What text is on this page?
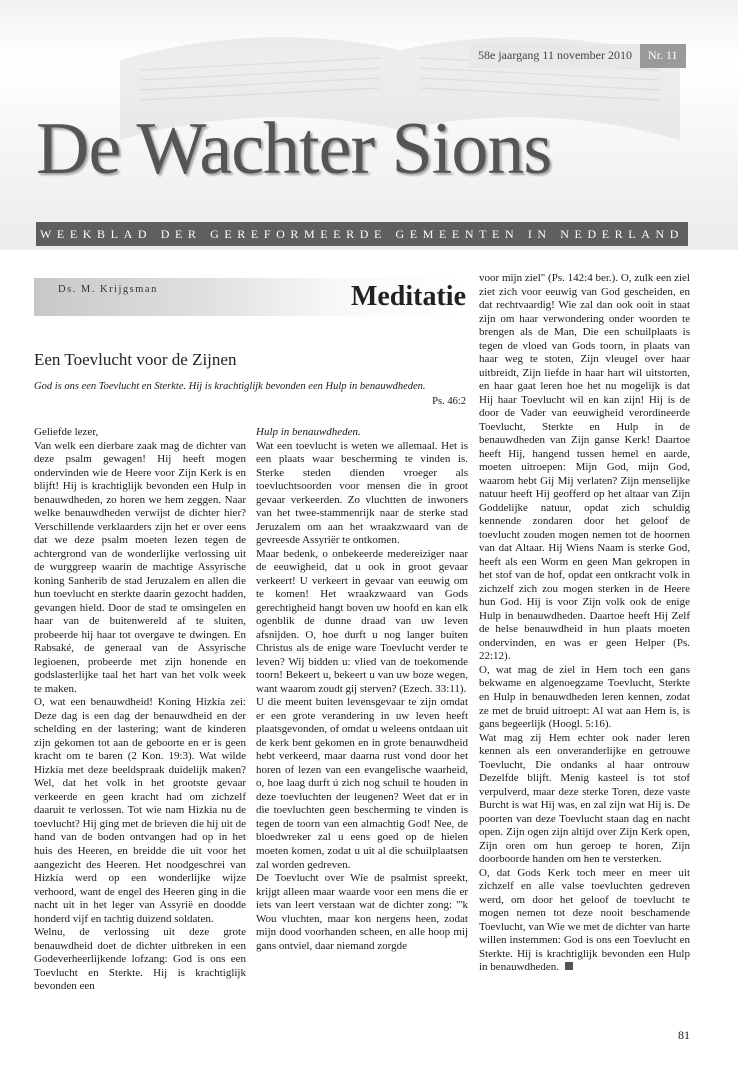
58e jaargang 11 november 2010	Nr. 11
De Wachter Sions
WEEKBLAD DER GEREFORMEERDE GEMEENTEN IN NEDERLAND
Ds. M. Krijgsman	Meditatie
Een Toevlucht voor de Zijnen
God is ons een Toevlucht en Sterkte. Hij is krachtiglijk bevonden een Hulp in benauwdheden.
Ps. 46:2

Geliefde lezer,

Van welk een dierbare zaak mag de dichter van deze psalm gewagen! Hij heeft mogen ondervinden wie de Heere voor Zijn Kerk is en blijft! Hij is krachtiglijk bevonden een Hulp in benauwdheden, zo horen we hem zeggen. Naar welke benauwdheden verwijst de dichter hier? Verschillende verklaarders zijn het er over eens dat we deze psalm moeten lezen tegen de achtergrond van de wonderlijke verlossing uit de wurggreep waarin de machtige Assyrische koning Sanherib de stad Jeruzalem en allen die hun toevlucht en sterkte daarin gezocht hadden, gevangen hield. Door de stad te omsingelen en haar van de buitenwereld af te sluiten, probeerde hij haar tot overgave te dwingen. En Rabsaké, de generaal van de Assyrische legioenen, probeerde met zijn honende en godslasterlijke taal het hart van het volk week te maken.

O, wat een benauwdheid! Koning Hizkía zei: Deze dag is een dag der benauwdheid en der schelding en der lastering; want de kinderen zijn gekomen tot aan de geboorte en er is geen kracht om te baren (2 Kon. 19:3). Wat wilde Hizkía met deze beeldspraak duidelijk maken? Wel, dat het volk in het grootste gevaar verkeerde en geen kracht had om zichzelf daaruit te verlossen. Tot wie nam Hizkia nu de toevlucht? Hij ging met de brieven die hij uit de hand van de boden ontvangen had op in het huis des Heeren, en breidde die uit voor het aangezicht des Heeren. Het noodgeschrei van Hizkía werd op een wonderlijke wijze verhoord, want de engel des Heeren ging in die nacht uit in het leger van Assyrië en doodde honderd vijf en tachtig duizend soldaten.

Welnu, de verlossing uit deze grote benauwdheid doet de dichter uitbreken in een Godeverheerlijkende lofzang: God is ons een Toevlucht en Sterkte. Hij is krachtiglijk bevonden een

Hulp in benauwdheden.

Wat een toevlucht is weten we allemaal. Het is een plaats waar bescherming te vinden is. Sterke steden dienden vroeger als toevluchtsoorden voor mensen die in groot gevaar verkeerden. Zo vluchtten de inwoners van het twee-stammenrijk naar de sterke stad Jeruzalem om aan het wraakzwaard van de gevreesde Assyriër te ontkomen.

Maar bedenk, o onbekeerde medereiziger naar de eeuwigheid, dat u ook in groot gevaar verkeert! U verkeert in gevaar van eeuwig om te komen! Het wraakzwaard van Gods gerechtigheid hangt boven uw hoofd en kan elk ogenblik de dunne draad van uw leven afsnijden. O, hoe durft u nog langer buiten Christus als de enige ware Toevlucht verder te leven? Wij bidden u: vlied van de toekomende toorn! Bekeert u, bekeert u van uw boze wegen, want waarom zoudt gij sterven? (Ezech. 33:11).

U die meent buiten levensgevaar te zijn omdat er een grote verandering in uw leven heeft plaatsgevonden, of omdat u weleens ontdaan uit de kerk bent gekomen en in grote benauwdheid hebt verkeerd, maar daarna rust vond door het horen of lezen van een evangelische waarheid, o, hoe laag durft ú zich nog schuil te houden in deze toevluchten der leugenen? Weet dat er in die toevluchten geen bescherming te vinden is tegen de toorn van een almachtig God! Nee, de bloedwreker zal u eens goed op de hielen moeten komen, zodat u uit al die schuilplaatsen zal worden gedreven.

De Toevlucht over Wie de psalmist spreekt, krijgt alleen maar waarde voor een mens die er iets van leert verstaan wat de dichter zong: "'k Wou vluchten, maar kon nergens heen, zodat mijn dood voorhanden scheen, en alle hoop mij gans ontviel, daar niemand zorgde

voor mijn ziel" (Ps. 142:4 ber.). O, zulk een ziel ziet zich voor eeuwig van God gescheiden, en dat rechtvaardig! Wie zal dan ook ooit in staat zijn om haar verwondering onder woorden te brengen als de Man, Die een schuilplaats is tegen de vloed van Gods toorn, in plaats van haar weg te stoten, Zijn vleugel over haar uitbreidt, Zijn liefde in haar hart wil uitstorten, en haar gaat leren hoe het nu mogelijk is dat Hij haar Toevlucht wil en kan zijn! Hij is de door de Vader van eeuwigheid verordineerde Toevlucht, Sterkte en Hulp in de benauwdheden van Zijn ganse Kerk! Daartoe heeft Hij, hangend tussen hemel en aarde, moeten uitroepen: Mijn God, mijn God, waarom hebt Gij Mij verlaten? Zijn menselijke natuur heeft Hij geofferd op het altaar van Zijn Goddelijke natuur, opdat zich schuldig kennende zondaren door het geloof de toevlucht zouden mogen nemen tot de hoornen van dat Altaar. Hij Wiens Naam is sterke God, heeft als een Worm en geen Man gekropen in het stof van de hof, opdat een ontkracht volk in zichzelf zich zou mogen sterken in de Heere hun God. Hij is voor Zijn volk ook de enige Hulp in benauwdheden. Daartoe heeft Hij Zelf de helse benauwdheid in hun plaats moeten ondervinden, en was er geen Helper (Ps. 22:12).

O, wat mag de ziel in Hem toch een gans bekwame en algenoegzame Toevlucht, Sterkte en Hulp in benauwdheden leren kennen, zodat ze met de bruid uitroept: Al wat aan Hem is, is gans begeerlijk (Hoogl. 5:16).

Wat mag zij Hem echter ook nader leren kennen als een onveranderlijke en getrouwe Toevlucht, Die ondanks al haar ontrouw Dezelfde blijft. Menig kasteel is tot stof verpulverd, maar deze sterke Toren, deze vaste Burcht is wat Hij was, en zal zijn wat Hij is. De poorten van deze Toevlucht staan dag en nacht open. Zijn ogen zijn altijd over Zijn Kerk open, Zijn oren om hun geroep te horen, Zijn doorboorde handen om hen te versterken.

O, dat Gods Kerk toch meer en meer uit zichzelf en alle valse toevluchten gedreven werd, om door het geloof de toevlucht te mogen nemen tot deze nooit beschamende Toevlucht, van Wie we met de dichter van harte willen instemmen: God is ons een Toevlucht en Sterkte. Hij is krachtiglijk bevonden een Hulp in benauwdheden.

81
